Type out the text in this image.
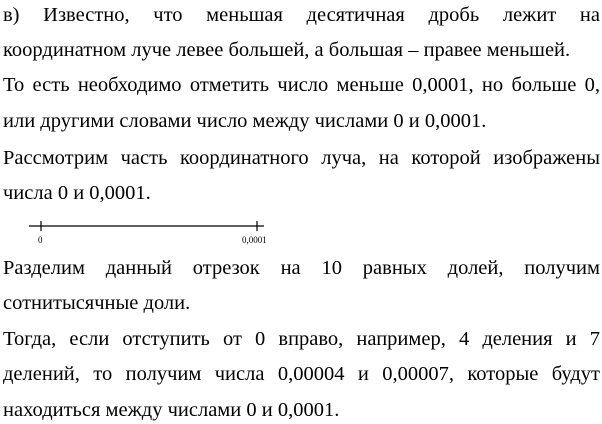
в) Известно, что меньшая десятичная дробь лежит на
координатном луче левее большей, а большая – правее меньшей.
То есть необходимо отметить число меньше 0,0001, но больше 0,
или другими словами число между числами 0 и 0,0001.
Рассмотрим часть координатного луча, на которой изображены
числа 0 и 0,0001.
0	0,0001
Разделим данный отрезок на 10 равных долей, получим
сотнитысячные доли.
Тогда, если отступить от 0 вправо, например, 4 деления и 7
делений, то получим числа 0,00004 и 0,00007, которые будут
находиться между числами 0 и 0,0001.
